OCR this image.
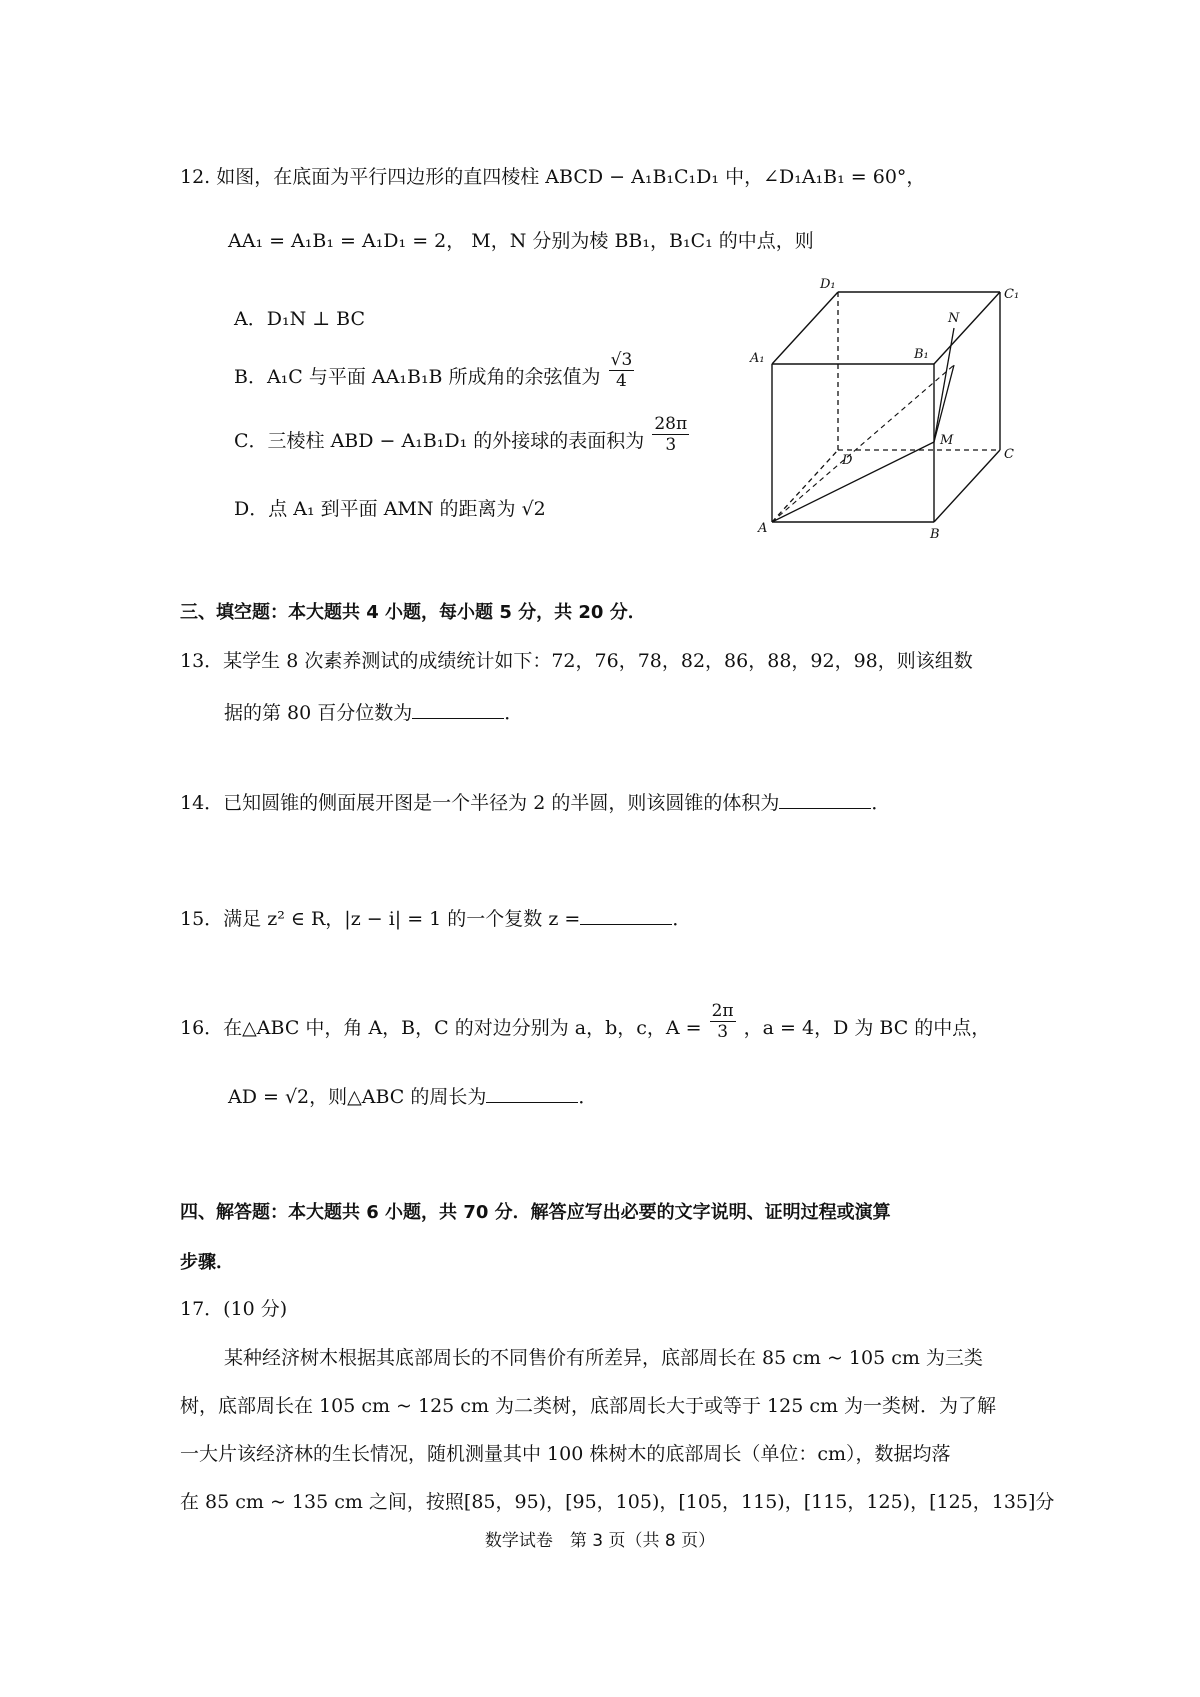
12. 如图，在底面为平行四边形的直四棱柱 ABCD − A₁B₁C₁D₁ 中，∠D₁A₁B₁ = 60°，
AA₁ = A₁B₁ = A₁D₁ = 2， M，N 分别为棱 BB₁，B₁C₁ 的中点，则
A．D₁N ⊥ BC
B．A₁C 与平面 AA₁B₁B 所成角的余弦值为 $\frac{√3}{4}$
C．三棱柱 ABD − A₁B₁D₁ 的外接球的表面积为 $\frac{28\pi}{3}$
D．点 A₁ 到平面 AMN 的距离为 √2
D₁
C₁
A₁	B₁
N
M
D	C
A	B
三、填空题：本大题共 4 小题，每小题 5 分，共 20 分．
13．某学生 8 次素养测试的成绩统计如下：72，76，78，82，86，88，92，98，则该组数
据的第 80 百分位数为	．
14．已知圆锥的侧面展开图是一个半径为 2 的半圆，则该圆锥的体积为	．
15．满足 z² ∈ R，|z − i| = 1 的一个复数 z =	．
16．在△ABC 中，角 A，B，C 的对边分别为 a，b，c，$A = \frac{2\pi}{3}$ ，a = 4，D 为 BC 的中点，
AD = √2，则△ABC 的周长为	．
四、解答题：本大题共 6 小题，共 70 分．解答应写出必要的文字说明、证明过程或演算
步骤．
17．(10 分)
某种经济树木根据其底部周长的不同售价有所差异，底部周长在 85 cm ~ 105 cm 为三类
树，底部周长在 105 cm ~ 125 cm 为二类树，底部周长大于或等于 125 cm 为一类树．为了解
一大片该经济林的生长情况，随机测量其中 100 株树木的底部周长（单位：cm），数据均落
在 85 cm ~ 135 cm 之间，按照[85，95)，[95，105)，[105，115)，[115，125)，[125，135]分
数学试卷　第 3 页（共 8 页）
